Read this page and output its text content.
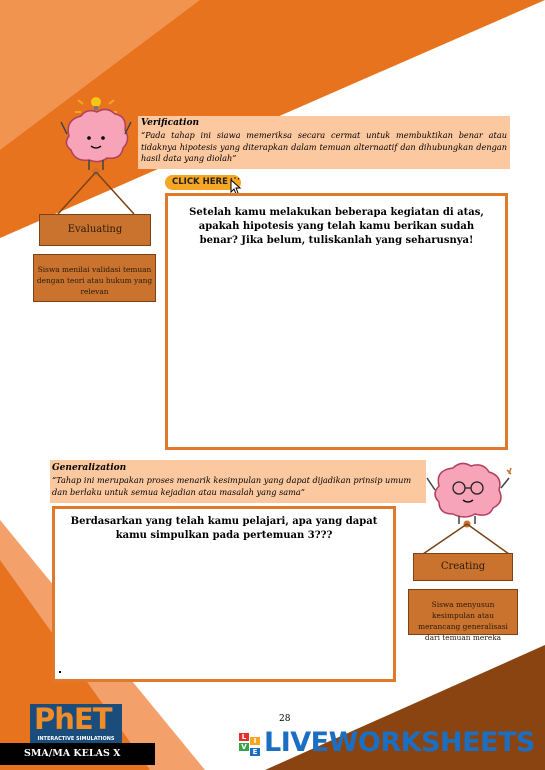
Verification
“Pada tahap ini siawa memeriksa secara cermat untuk membuktikan benar atau tidaknya hipotesis yang diterapkan dalam temuan alternaatif dan dihubungkan dengan hasil data yang diolah”
CLICK HERE
Setelah kamu melakukan beberapa kegiatan di atas, apakah hipotesis yang telah kamu berikan sudah benar? Jika belum, tuliskanlah yang seharusnya!
Evaluating
Siswa menilai validasi temuan dengan teori atau hukum yang relevan
Generalization
“Tahap ini merupakan proses menarik kesimpulan yang dapat dijadikan prinsip umum dan berlaku untuk semua kejadian atau masalah yang sama”
Berdasarkan yang telah kamu pelajari, apa yang dapat kamu simpulkan pada pertemuan 3???
Creating
Siswa menyusun kesimpulan atau merancang generalisasi dari temuan mereka
28
PhET
INTERACTIVE SIMULATIONS
SMA/MA KELAS X
L	I
V
E LIVEWORKSHEETS
